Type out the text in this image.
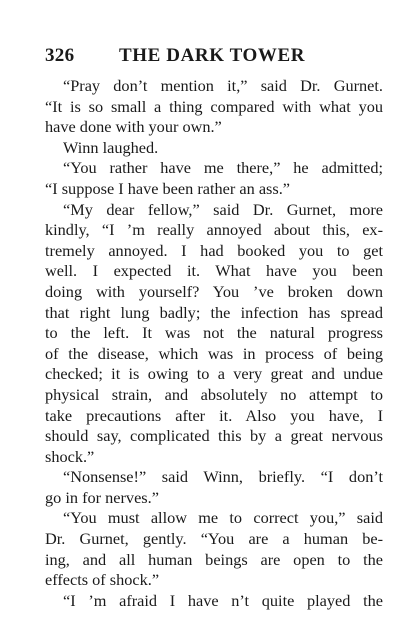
326 THE DARK TOWER
“Pray don’t mention it,” said Dr. Gurnet.
“It is so small a thing compared with what you
have done with your own.”
Winn laughed.
“You rather have me there,” he admitted;
“I suppose I have been rather an ass.”
“My dear fellow,” said Dr. Gurnet, more
kindly, “I ’m really annoyed about this, ex-
tremely annoyed. I had booked you to get
well. I expected it. What have you been
doing with yourself? You ’ve broken down
that right lung badly; the infection has spread
to the left. It was not the natural progress
of the disease, which was in process of being
checked; it is owing to a very great and undue
physical strain, and absolutely no attempt to
take precautions after it. Also you have, I
should say, complicated this by a great nervous
shock.”
“Nonsense!” said Winn, briefly. “I don’t
go in for nerves.”
“You must allow me to correct you,” said
Dr. Gurnet, gently. “You are a human be-
ing, and all human beings are open to the
effects of shock.”
“I ’m afraid I have n’t quite played the
